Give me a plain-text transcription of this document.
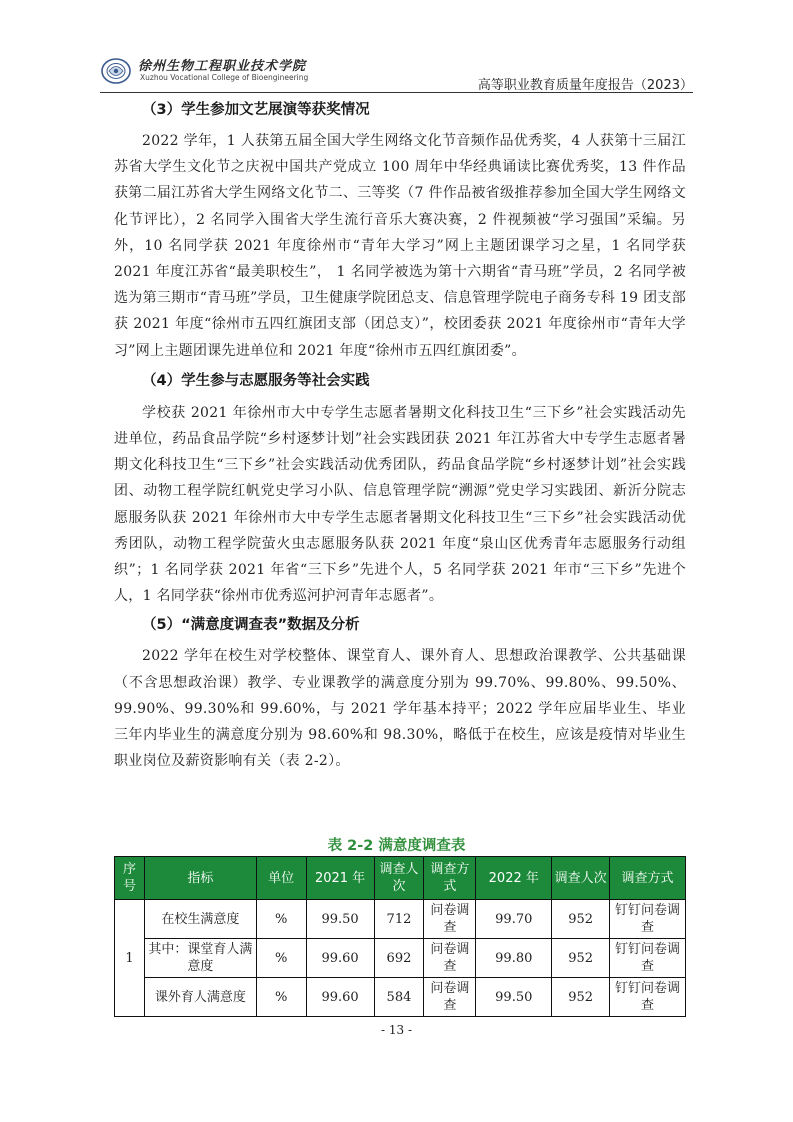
徐州生物工程职业技术学院
Xuzhou Vocational College of Bioengineering
高等职业教育质量年度报告（2023）
（3）学生参加文艺展演等获奖情况

2022 学年，1 人获第五届全国大学生网络文化节音频作品优秀奖，4 人获第十三届江苏省大学生文化节之庆祝中国共产党成立 100 周年中华经典诵读比赛优秀奖，13 件作品获第二届江苏省大学生网络文化节二、三等奖（7 件作品被省级推荐参加全国大学生网络文化节评比），2 名同学入围省大学生流行音乐大赛决赛，2 件视频被“学习强国”采编。另外，10 名同学获 2021 年度徐州市“青年大学习”网上主题团课学习之星，1 名同学获 2021 年度江苏省“最美职校生”， 1 名同学被选为第十六期省“青马班”学员，2 名同学被选为第三期市“青马班”学员，卫生健康学院团总支、信息管理学院电子商务专科 19 团支部获 2021 年度“徐州市五四红旗团支部（团总支）”，校团委获 2021 年度徐州市“青年大学习”网上主题团课先进单位和 2021 年度“徐州市五四红旗团委”。

（4）学生参与志愿服务等社会实践

学校获 2021 年徐州市大中专学生志愿者暑期文化科技卫生“三下乡”社会实践活动先进单位，药品食品学院“乡村逐梦计划”社会实践团获 2021 年江苏省大中专学生志愿者暑期文化科技卫生“三下乡”社会实践活动优秀团队，药品食品学院“乡村逐梦计划”社会实践团、动物工程学院红帆党史学习小队、信息管理学院“溯源”党史学习实践团、新沂分院志愿服务队获 2021 年徐州市大中专学生志愿者暑期文化科技卫生“三下乡”社会实践活动优秀团队，动物工程学院萤火虫志愿服务队获 2021 年度“泉山区优秀青年志愿服务行动组织”；1 名同学获 2021 年省“三下乡”先进个人，5 名同学获 2021 年市“三下乡”先进个人，1 名同学获“徐州市优秀巡河护河青年志愿者”。

（5）“满意度调查表”数据及分析

2022 学年在校生对学校整体、课堂育人、课外育人、思想政治课教学、公共基础课（不含思想政治课）教学、专业课教学的满意度分别为 99.70%、99.80%、99.50%、99.90%、99.30%和 99.60%，与 2021 学年基本持平；2022 学年应届毕业生、毕业三年内毕业生的满意度分别为 98.60%和 98.30%，略低于在校生，应该是疫情对毕业生职业岗位及薪资影响有关（表 2-2）。

表 2-2 满意度调查表
序号	指标	单位	2021 年	调查人次	调查方式	2022 年	调查人次	调查方式
1	在校生满意度	%	99.50	712	问卷调查	99.70	952	钉钉问卷调查
	其中：课堂育人满意度	%	99.60	692	问卷调查	99.80	952	钉钉问卷调查
	课外育人满意度	%	99.60	584	问卷调查	99.50	952	钉钉问卷调查
- 13 -
